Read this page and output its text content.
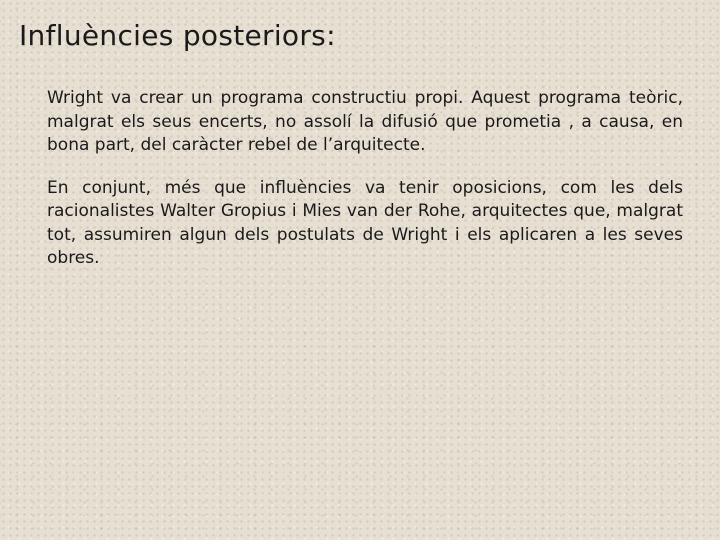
Influències posteriors:

Wright va crear un programa constructiu propi. Aquest programa teòric, malgrat els seus encerts, no assolí la difusió que prometia , a causa, en bona part, del caràcter rebel de l’arquitecte.

En conjunt, més que influències va tenir oposicions, com les dels racionalistes Walter Gropius i Mies van der Rohe, arquitectes que, malgrat tot, assumiren algun dels postulats de Wright i els aplicaren a les seves obres.
